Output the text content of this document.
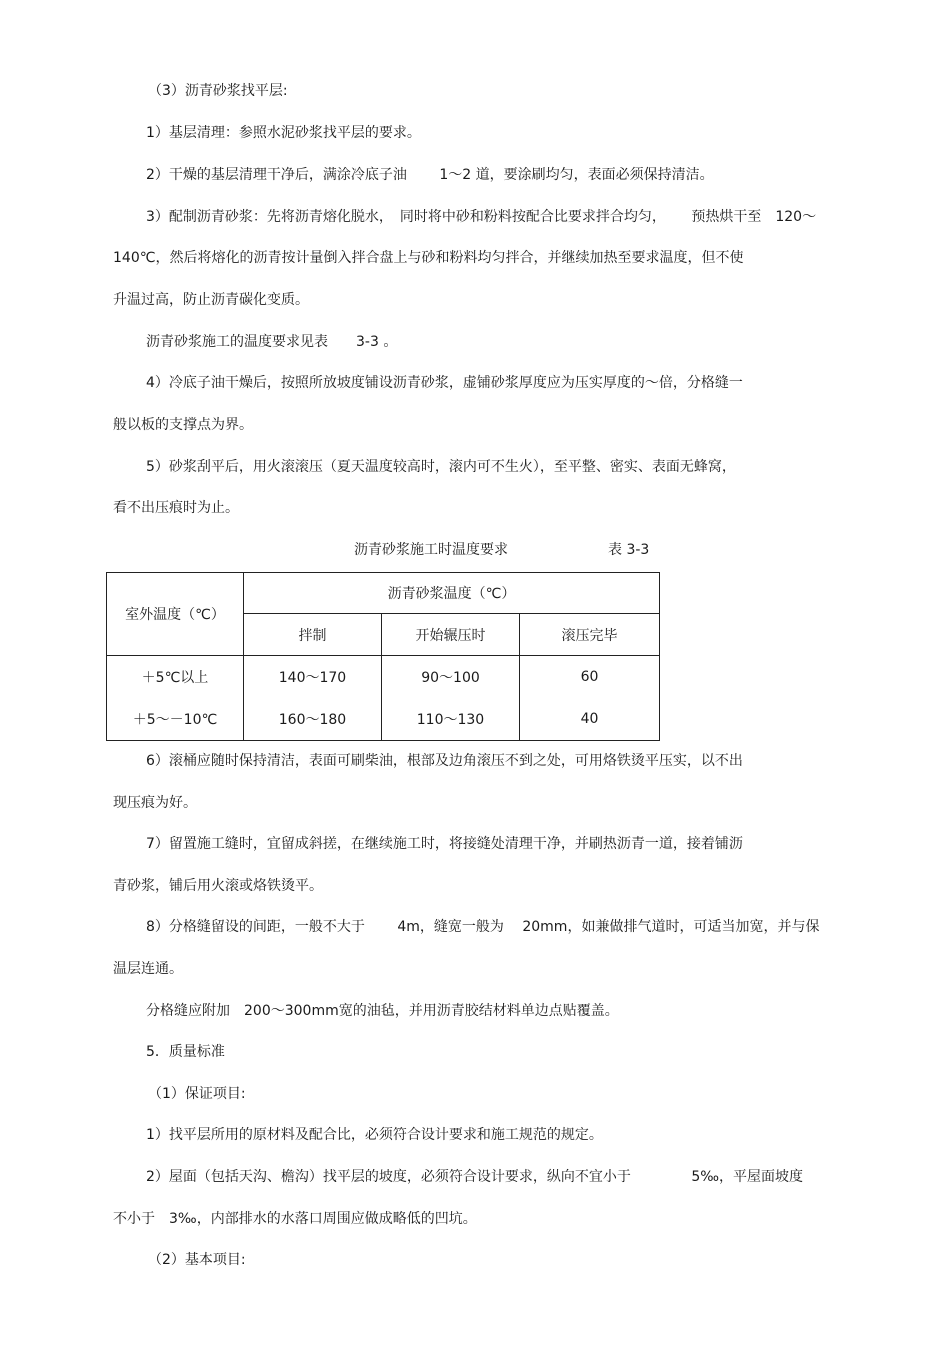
（3）沥青砂浆找平层:
1）基层清理：参照水泥砂浆找平层的要求。
2）干燥的基层清理干净后，满涂冷底子油　　 1～2 道，要涂刷均匀，表面必须保持清洁。
3）配制沥青砂浆：先将沥青熔化脱水，　同时将中砂和粉料按配合比要求拌合均匀，　　 预热烘干至　120～
140℃，然后将熔化的沥青按计量倒入拌合盘上与砂和粉料均匀拌合，并继续加热至要求温度，但不使
升温过高，防止沥青碳化变质。
沥青砂浆施工的温度要求见表　　3-3 。
4）冷底子油干燥后，按照所放坡度铺设沥青砂浆，虚铺砂浆厚度应为压实厚度的～倍，分格缝一
般以板的支撑点为界。
5）砂浆刮平后，用火滚滚压（夏天温度较高时，滚内可不生火），至平整、密实、表面无蜂窝，
看不出压痕时为止。
沥青砂浆施工时温度要求	表 3-3
室外温度（℃）	沥青砂浆温度（℃）		
	拌制	开始辗压时	滚压完毕
＋5℃以上	140～170	90～100	60
＋5～－10℃	160～180	110～130	40
6）滚桶应随时保持清洁，表面可刷柴油，根部及边角滚压不到之处，可用烙铁烫平压实，以不出
现压痕为好。
7）留置施工缝时，宜留成斜搓，在继续施工时，将接缝处清理干净，并刷热沥青一道，接着铺沥
青砂浆，铺后用火滚或烙铁烫平。
8）分格缝留设的间距，一般不大于　　 4m，缝宽一般为　 20mm，如兼做排气道时，可适当加宽，并与保
温层连通。
分格缝应附加　200～300mm宽的油毡，并用沥青胶结材料单边点贴覆盖。
5．质量标准
（1）保证项目:
1）找平层所用的原材料及配合比，必须符合设计要求和施工规范的规定。
2）屋面（包括天沟、檐沟）找平层的坡度，必须符合设计要求，纵向不宜小于　　　　 5‰，平屋面坡度
不小于　3‰，内部排水的水落口周围应做成略低的凹坑。
（2）基本项目:
